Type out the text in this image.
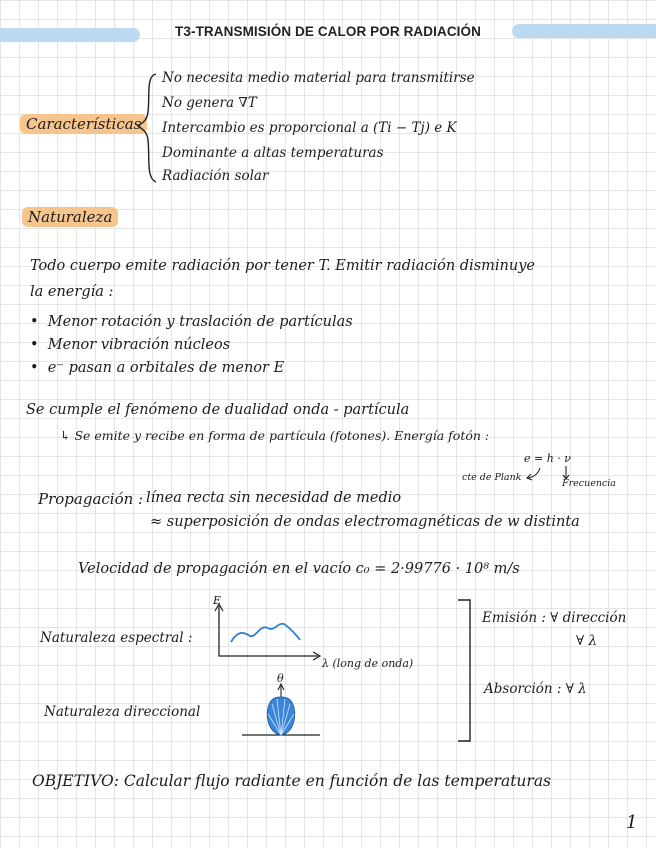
T3-TRANSMISIÓN DE CALOR POR RADIACIÓN
Características
No necesita medio material para transmitirse
No genera ∇T
Intercambio es proporcional a (Ti − Tj) e K
Dominante a altas temperaturas
Radiación solar
Naturaleza
Todo cuerpo emite radiación por tener T. Emitir radiación disminuye
la energía :
•  Menor rotación y traslación de partículas
•  Menor vibración núcleos
•  e⁻ pasan a orbitales de menor E
Se cumple el fenómeno de dualidad onda - partícula
↳ Se emite y recibe en forma de partícula (fotones). Energía fotón :
e = h · ν
cte de Plank
Frecuencia
Propagación : línea recta sin necesidad de medio
≈ superposición de ondas electromagnéticas de w distinta
Velocidad de propagación en el vacío c₀ = 2·99776 · 10⁸ m/s
Naturaleza espectral :
Naturaleza direccional
E
λ (long de onda)
θ
Emisión : ∀ dirección
∀ λ
Absorción : ∀ λ
OBJETIVO: Calcular flujo radiante en función de las temperaturas
1
